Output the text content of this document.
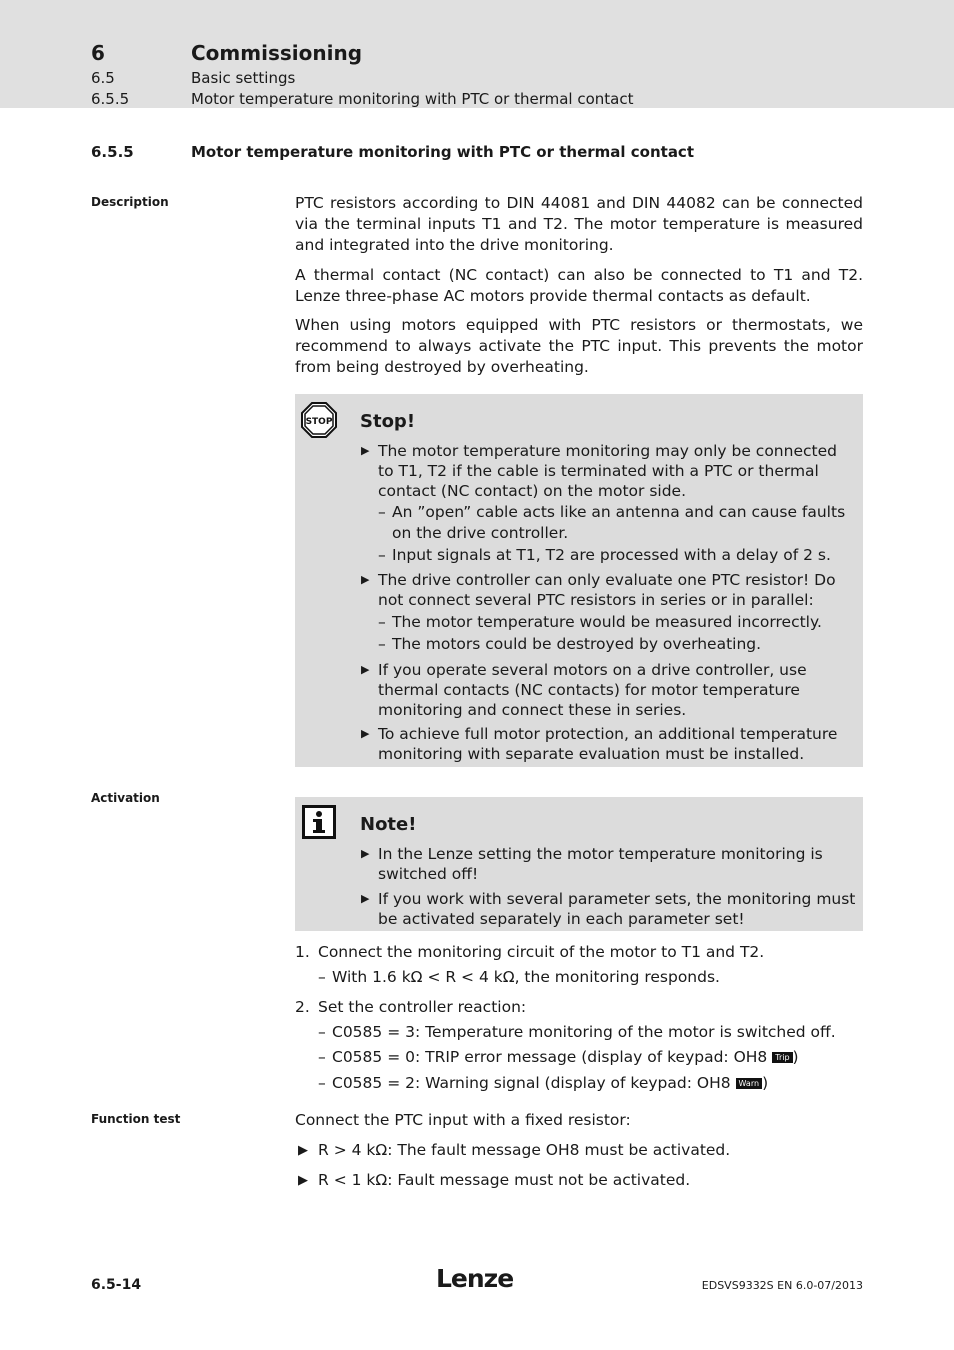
6	Commissioning
6.5	Basic settings
6.5.5	Motor temperature monitoring with PTC or thermal contact
6.5.5	Motor temperature monitoring with PTC or thermal contact
Description
Activation
Function test
PTC resistors according to DIN 44081 and DIN 44082 can be connected via the terminal inputs T1 and T2. The motor temperature is measured and integrated into the drive monitoring.
A thermal contact (NC contact) can also be connected to T1 and T2. Lenze three-phase AC motors provide thermal contacts as default.
When using motors equipped with PTC resistors or thermostats, we recommend to always activate the PTC input. This prevents the motor from being destroyed by overheating.
STOP Stop!
▶ The motor temperature monitoring may only be connected to T1, T2 if the cable is terminated with a PTC or thermal contact (NC contact) on the motor side.
– An ”open” cable acts like an antenna and can cause faults on the drive controller.
– Input signals at T1, T2 are processed with a delay of 2 s.
▶ The drive controller can only evaluate one PTC resistor! Do not connect several PTC resistors in series or in parallel:
– The motor temperature would be measured incorrectly.
– The motors could be destroyed by overheating.
▶ If you operate several motors on a drive controller, use thermal contacts (NC contacts) for motor temperature monitoring and connect these in series.
▶ To achieve full motor protection, an additional temperature monitoring with separate evaluation must be installed.
Note!
▶ In the Lenze setting the motor temperature monitoring is switched off!
▶ If you work with several parameter sets, the monitoring must be activated separately in each parameter set!
1. Connect the monitoring circuit of the motor to T1 and T2.
– With 1.6 kΩ < R < 4 kΩ, the monitoring responds.
2. Set the controller reaction:
– C0585 = 3: Temperature monitoring of the motor is switched off.
– C0585 = 0: TRIP error message (display of keypad: OH8 Trip )
– C0585 = 2: Warning signal (display of keypad: OH8 Warn )
Connect the PTC input with a fixed resistor:
▶ R > 4 kΩ: The fault message OH8 must be activated.
▶ R < 1 kΩ: Fault message must not be activated.
6.5-14	Lenze	EDSVS9332S EN 6.0-07/2013
